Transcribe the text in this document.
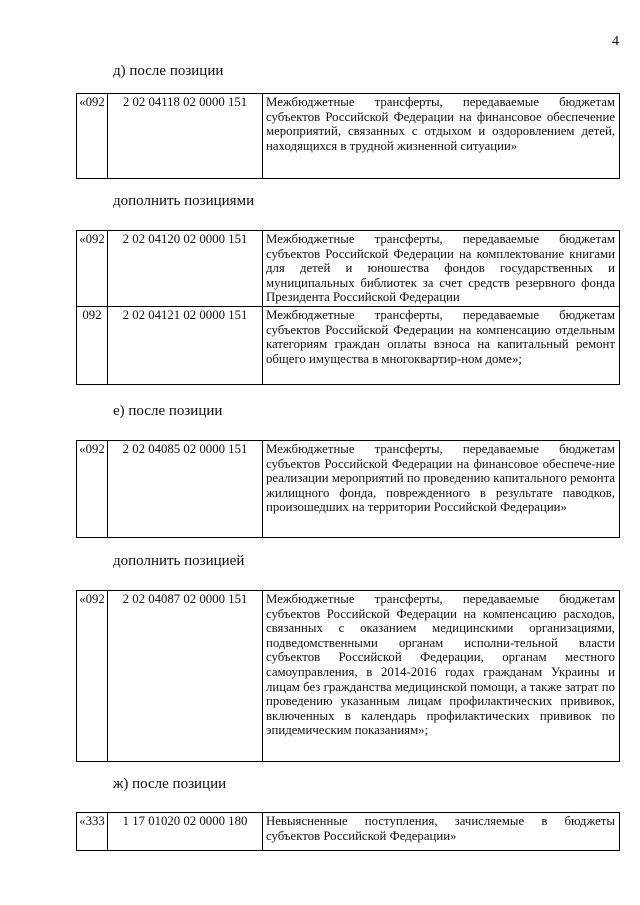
4
д) после позиции
«092	2 02 04118 02 0000 151	Межбюджетные трансферты, передаваемые бюджетам субъектов Российской Федерации на финансовое обеспечение мероприятий, связанных с отдыхом и оздоровлением детей, находящихся в трудной жизненной ситуации»
дополнить позициями
«092	2 02 04120 02 0000 151	Межбюджетные трансферты, передаваемые бюджетам субъектов Российской Федерации на комплектование книгами для детей и юношества фондов государственных и муниципальных библиотек за счет средств резервного фонда Президента Российской Федерации
092	2 02 04121 02 0000 151	Межбюджетные трансферты, передаваемые бюджетам субъектов Российской Федерации на компенсацию отдельным категориям граждан оплаты взноса на капитальный ремонт общего имущества в многоквартир-ном доме»;
е) после позиции
«092	2 02 04085 02 0000 151	Межбюджетные трансферты, передаваемые бюджетам субъектов Российской Федерации на финансовое обеспече-ние реализации мероприятий по проведению капитального ремонта жилищного фонда, поврежденного в результате паводков, произошедших на территории Российской Федерации»
дополнить позицией
«092	2 02 04087 02 0000 151	Межбюджетные трансферты, передаваемые бюджетам субъектов Российской Федерации на компенсацию расходов, связанных с оказанием медицинскими организациями, подведомственными органам исполни-тельной власти субъектов Российской Федерации, органам местного самоуправления, в 2014-2016 годах гражданам Украины и лицам без гражданства медицинской помощи, а также затрат по проведению указанным лицам профилактических прививок, включенных в календарь профилактических прививок по эпидемическим показаниям»;
ж) после позиции
«333	1 17 01020 02 0000 180	Невыясненные поступления, зачисляемые в бюджеты субъектов Российской Федерации»
